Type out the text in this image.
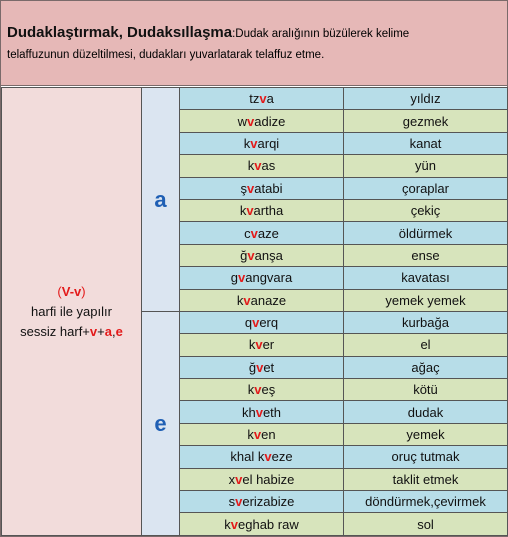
Dudaklaştırmak, Dudaksıllaşma:Dudak aralığının büzülerek kelime
telaffuzunun düzeltilmesi, dudakları yuvarlatarak telaffuz etme.
(V-v)
harfi ile yapılır
sessiz harf+v+a,e	a	tzva	yıldız
		wvadize	gezmek
		kvarqi	kanat
		kvas	yün
		şvatabi	çoraplar
		kvartha	çekiç
		cvaze	öldürmek
		ğvanşa	ense
		gvangvara	kavatası
		kvanaze	yemek yemek
	e	qverq	kurbağa
		kver	el
		ğvet	ağaç
		kveş	kötü
		khveth	dudak
		kven	yemek
		khal kveze	oruç tutmak
		xvel habize	taklit etmek
		sverizabize	döndürmek,çevirmek
		kveghab raw	sol
